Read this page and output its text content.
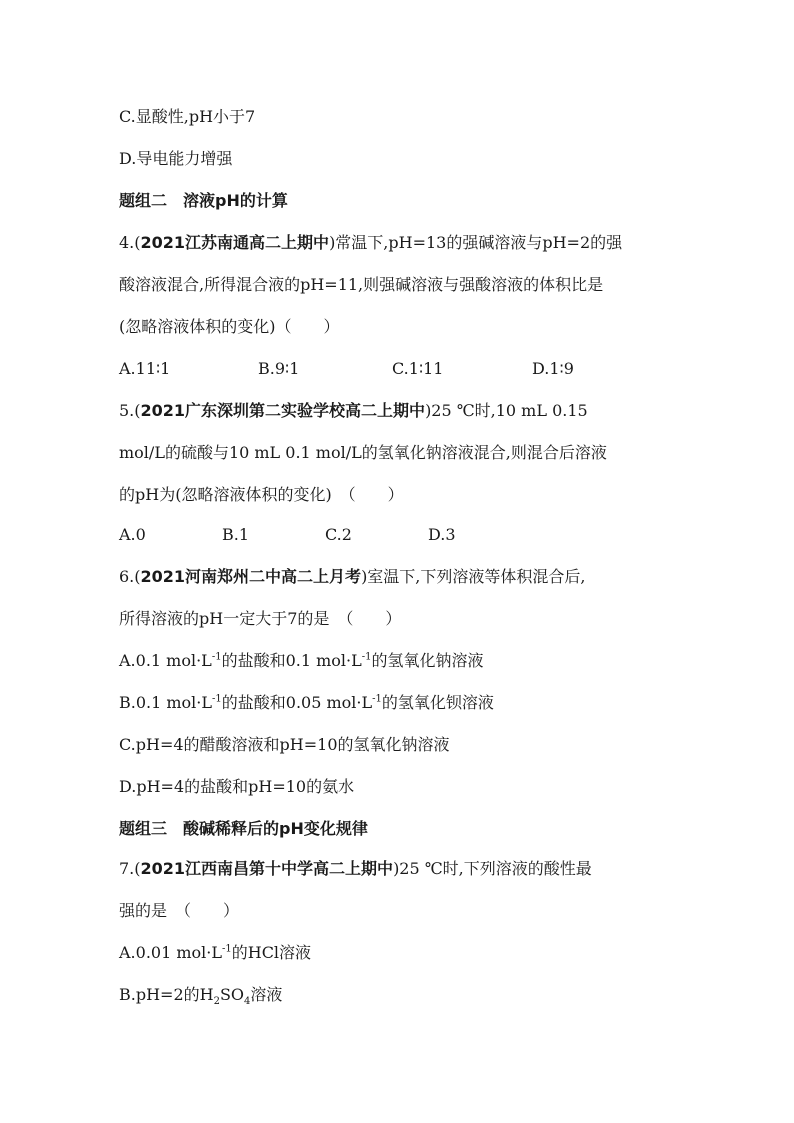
C.显酸性,pH小于7
D.导电能力增强
题组二　溶液pH的计算
4.(2021江苏南通高二上期中)常温下,pH=13的强碱溶液与pH=2的强
酸溶液混合,所得混合液的pH=11,则强碱溶液与强酸溶液的体积比是
(忽略溶液体积的变化)（　　）
A.11∶1	B.9∶1	C.1∶11	D.1∶9
5.(2021广东深圳第二实验学校高二上期中)25 ℃时,10 mL 0.15
mol/L的硫酸与10 mL 0.1 mol/L的氢氧化钠溶液混合,则混合后溶液
的pH为(忽略溶液体积的变化)　（　　）
A.0	B.1	C.2	D.3
6.(2021河南郑州二中高二上月考)室温下,下列溶液等体积混合后,
所得溶液的pH一定大于7的是　（　　）
A.0.1 $mol\cdot L^{-1}$的盐酸和0.1 $mol\cdot L^{-1}$的氢氧化钠溶液
B.0.1 $mol\cdot L^{-1}$的盐酸和0.05 $mol\cdot L^{-1}$的氢氧化钡溶液
C.pH=4的醋酸溶液和pH=10的氢氧化钠溶液
D.pH=4的盐酸和pH=10的氨水
题组三　酸碱稀释后的pH变化规律
7.(2021江西南昌第十中学高二上期中)25 ℃时,下列溶液的酸性最
强的是　（　　）
A.0.01 $mol\cdot L^{-1}$的HCl溶液
B.pH=2的$H_2SO_4$溶液
